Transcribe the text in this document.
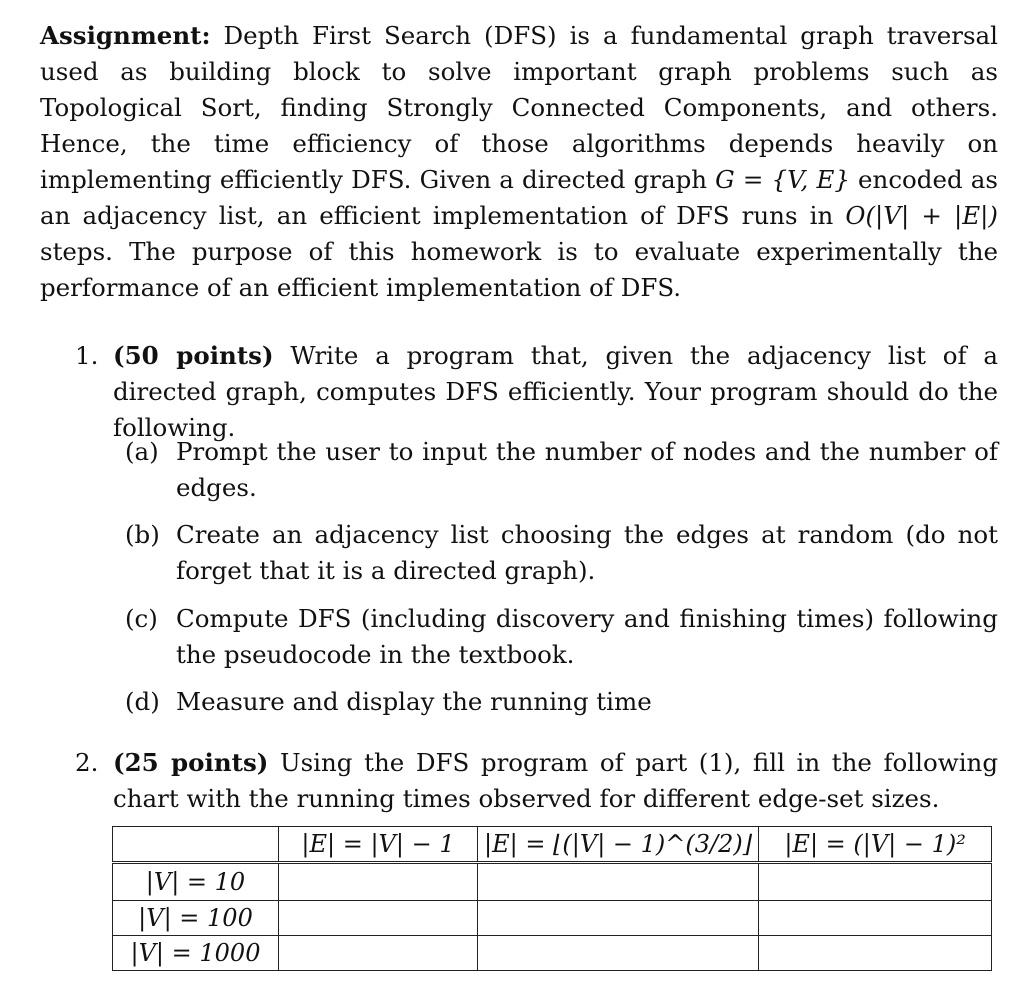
Assignment: Depth First Search (DFS) is a fundamental graph traversal used as building block to solve important graph problems such as Topological Sort, finding Strongly Connected Components, and others. Hence, the time efficiency of those algorithms depends heavily on implementing efficiently DFS. Given a directed graph G = {V, E} encoded as an adjacency list, an efficient implementation of DFS runs in O(|V| + |E|) steps. The purpose of this homework is to evaluate experimentally the performance of an efficient implementation of DFS.
1. (50 points) Write a program that, given the adjacency list of a directed graph, computes DFS efficiently. Your program should do the following.
(a) Prompt the user to input the number of nodes and the number of edges.
(b) Create an adjacency list choosing the edges at random (do not forget that it is a directed graph).
(c) Compute DFS (including discovery and finishing times) following the pseudocode in the textbook.
(d) Measure and display the running time
2. (25 points) Using the DFS program of part (1), fill in the following chart with the running times observed for different edge-set sizes.
	|E| = |V| − 1	|E| = ⌊(|V| − 1)^(3/2)⌋	|E| = (|V| − 1)²
|V| = 10			
|V| = 100			
|V| = 1000			
